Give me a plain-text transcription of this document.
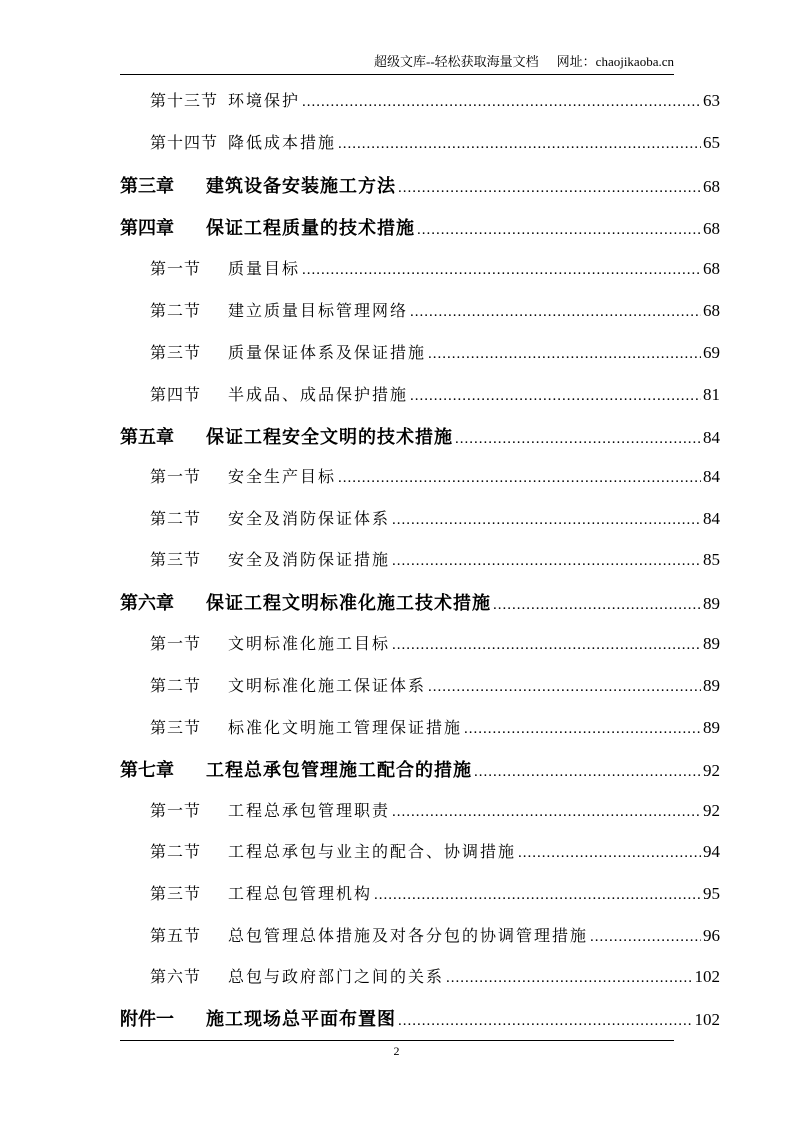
超级文库--轻松获取海量文档 网址：chaojikaoba.cn
第十三节 环境保护 .....	63
第十四节 降低成本措施 .....	65
第三章	建筑设备安装施工方法 .....	68
第四章	保证工程质量的技术措施 .....	68
第一节	质量目标 .....	68
第二节	建立质量目标管理网络 .....	68
第三节	质量保证体系及保证措施 .....	69
第四节	半成品、成品保护措施 .....	81
第五章	保证工程安全文明的技术措施 .....	84
第一节	安全生产目标 .....	84
第二节	安全及消防保证体系 .....	84
第三节	安全及消防保证措施 .....	85
第六章	保证工程文明标准化施工技术措施 .....	89
第一节	文明标准化施工目标 .....	89
第二节	文明标准化施工保证体系 .....	89
第三节	标准化文明施工管理保证措施 .....	89
第七章	工程总承包管理施工配合的措施 .....	92
第一节	工程总承包管理职责 .....	92
第二节	工程总承包与业主的配合、协调措施 .....	94
第三节	工程总包管理机构 .....	95
第五节	总包管理总体措施及对各分包的协调管理措施 .....	96
第六节	总包与政府部门之间的关系 .....	102
附件一	施工现场总平面布置图 .....	102
2
